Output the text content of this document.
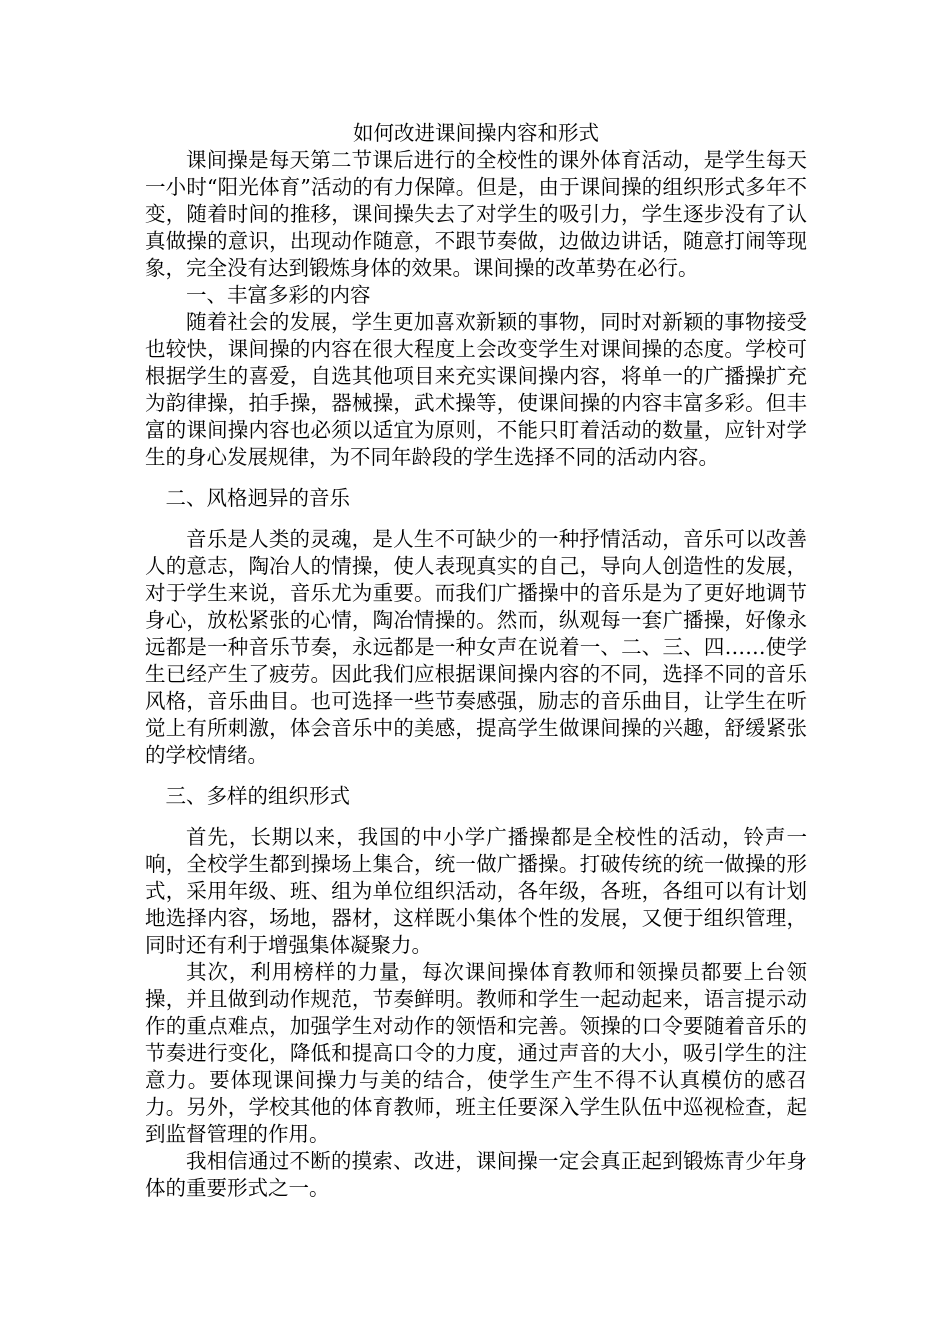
如何改进课间操内容和形式

课间操是每天第二节课后进行的全校性的课外体育活动，是学生每天一小时“阳光体育”活动的有力保障。但是，由于课间操的组织形式多年不变，随着时间的推移，课间操失去了对学生的吸引力，学生逐步没有了认真做操的意识，出现动作随意，不跟节奏做，边做边讲话，随意打闹等现象，完全没有达到锻炼身体的效果。课间操的改革势在必行。

一、丰富多彩的内容

随着社会的发展，学生更加喜欢新颖的事物，同时对新颖的事物接受也较快，课间操的内容在很大程度上会改变学生对课间操的态度。学校可根据学生的喜爱，自选其他项目来充实课间操内容，将单一的广播操扩充为韵律操，拍手操，器械操，武术操等，使课间操的内容丰富多彩。但丰富的课间操内容也必须以适宜为原则，不能只盯着活动的数量，应针对学生的身心发展规律，为不同年龄段的学生选择不同的活动内容。

二、风格迥异的音乐

音乐是人类的灵魂，是人生不可缺少的一种抒情活动，音乐可以改善人的意志，陶冶人的情操，使人表现真实的自己，导向人创造性的发展，对于学生来说，音乐尤为重要。而我们广播操中的音乐是为了更好地调节身心，放松紧张的心情，陶冶情操的。然而，纵观每一套广播操，好像永远都是一种音乐节奏，永远都是一种女声在说着一、二、三、四……使学生已经产生了疲劳。因此我们应根据课间操内容的不同，选择不同的音乐风格，音乐曲目。也可选择一些节奏感强，励志的音乐曲目，让学生在听觉上有所刺激，体会音乐中的美感，提高学生做课间操的兴趣，舒缓紧张的学校情绪。

三、多样的组织形式

首先，长期以来，我国的中小学广播操都是全校性的活动，铃声一响，全校学生都到操场上集合，统一做广播操。打破传统的统一做操的形式，采用年级、班、组为单位组织活动，各年级，各班，各组可以有计划地选择内容，场地，器材，这样既小集体个性的发展，又便于组织管理，同时还有利于增强集体凝聚力。

其次，利用榜样的力量，每次课间操体育教师和领操员都要上台领操，并且做到动作规范，节奏鲜明。教师和学生一起动起来，语言提示动作的重点难点，加强学生对动作的领悟和完善。领操的口令要随着音乐的节奏进行变化，降低和提高口令的力度，通过声音的大小，吸引学生的注意力。要体现课间操力与美的结合，使学生产生不得不认真模仿的感召力。另外，学校其他的体育教师，班主任要深入学生队伍中巡视检查，起到监督管理的作用。

我相信通过不断的摸索、改进，课间操一定会真正起到锻炼青少年身体的重要形式之一。
